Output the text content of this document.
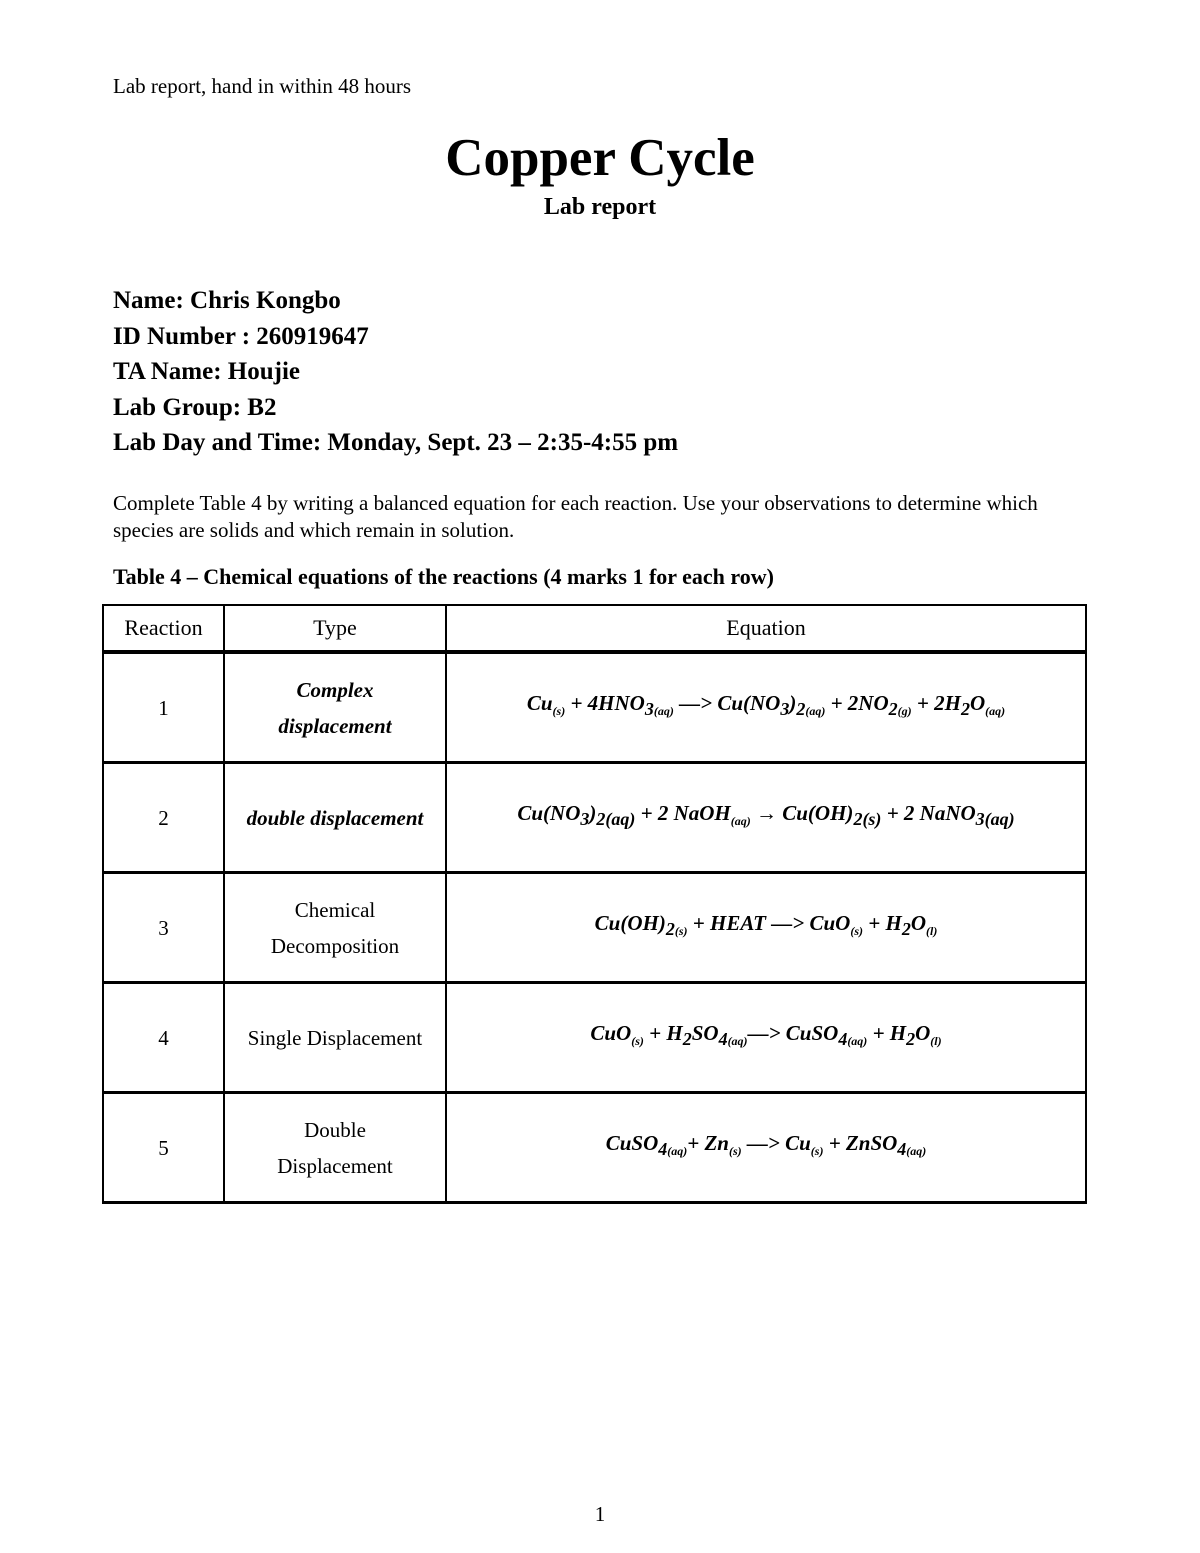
Lab report, hand in within 48 hours
Copper Cycle
Lab report
Name: Chris Kongbo
ID Number : 260919647
TA Name: Houjie
Lab Group: B2
Lab Day and Time: Monday, Sept. 23 – 2:35-4:55 pm
Complete Table 4 by writing a balanced equation for each reaction. Use your observations to determine which species are solids and which remain in solution.
Table 4 – Chemical equations of the reactions (4 marks 1 for each row)
Reaction	Type	Equation
1	Complex displacement	$Cu_{(s)} + 4HNO_{3(aq)}$ —> $Cu(NO_3)_{2(aq)} + 2NO_{2(g)} + 2H_2O_{(aq)}$
2	double displacement	$Cu(NO_3)_{2(aq)} + 2$ NaOH$_{(aq)}$ → $Cu(OH)_{2(s)} + 2$ NaNO$_{3(aq)}$
3	Chemical Decomposition	$Cu(OH)_{2(s)}$ + HEAT —> $CuO_{(s)} + H_2O_{(l)}$
4	Single Displacement	$CuO_{(s)} + H_2SO_{4(aq)}—>$ CuSO$_{4(aq)}$ + $H_2O_{(l)}$
5	Double Displacement	CuSO$_{4(aq)}$+ $Zn_{(s)}$ —> $Cu_{(s)}$ + ZnSO$_{4(aq)}$
1
